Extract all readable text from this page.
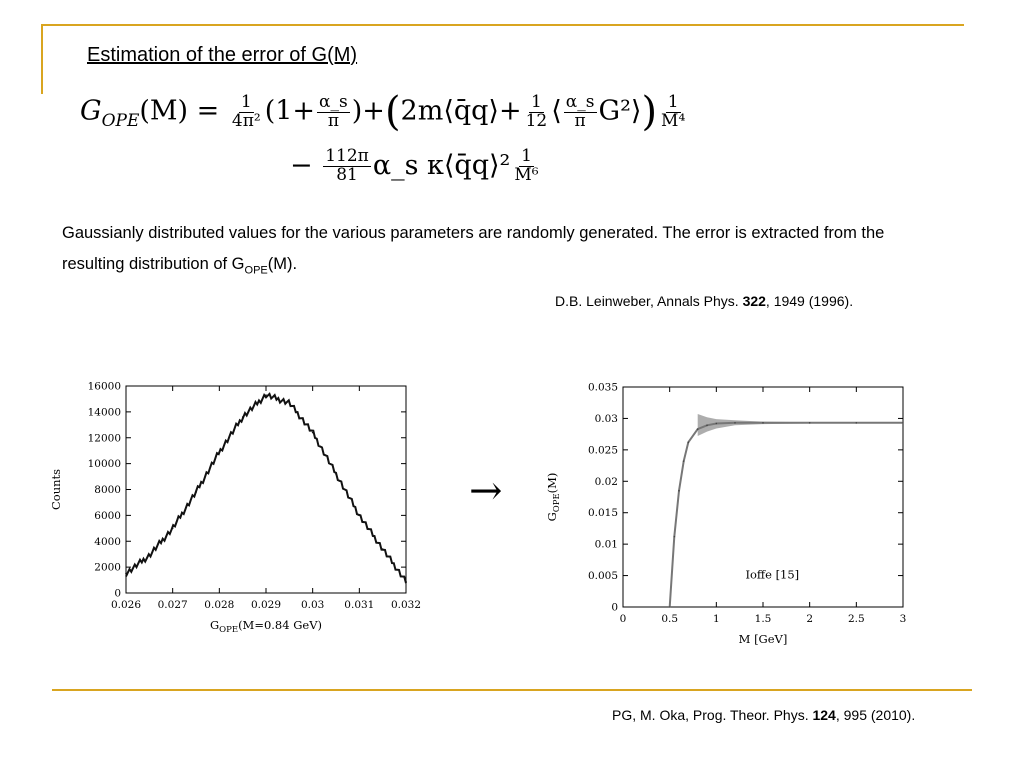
Estimation of the error of G(M)
$G_{OPE}(M) = \frac{1}{\text{4π²}} (1+ \frac{\alpha\_s}{\pi}$ )+(2m⟨q̄q⟩+ $\frac{1}{12}$ ⟨ $\frac{\alpha\_s}{\pi}$ G²⟩) $\frac{1}{\text{M⁴}}$
− $\frac{112\pi}{81}$ α_s κ⟨q̄q⟩² $\frac{1}{\text{M⁶}}$
Gaussianly distributed values for the various parameters are randomly generated. The error is extracted from the resulting distribution of $G_{OPE}(M)$.
D.B. Leinweber, Annals Phys. 322, 1949 (1996).
0.026 0.027 0.028 0.029 0.03 0.031 0.032
0
2000
4000
6000
8000
10000
12000
14000
16000
$G_{OPE}(M=0.84$ GeV)
Counts	→
0	0.5	1	1.5	2	2.5	3
0
0.005
0.01
0.015
0.02
0.025
0.03
0.035
Ioffe [15]
M [GeV]
$G_{OPE}(M)$
PG, M. Oka, Prog. Theor. Phys. 124, 995 (2010).
